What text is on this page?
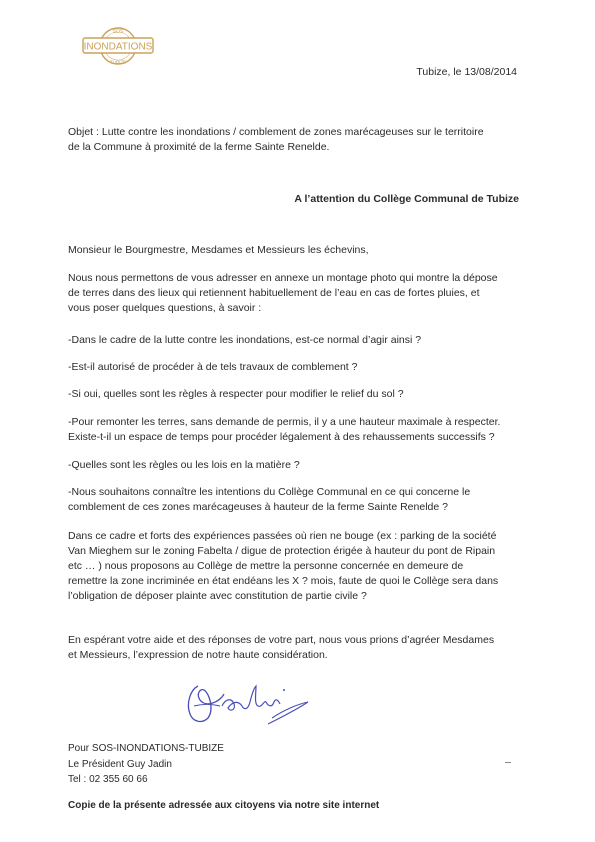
SOS
INONDATIONS
TUBIZE
Tubize, le 13/08/2014

Objet : Lutte contre les inondations / comblement de zones marécageuses sur le territoire

de la Commune à proximité de la ferme Sainte Renelde.

A l’attention du Collège Communal de Tubize
Monsieur le Bourgmestre, Mesdames et Messieurs les échevins,

Nous nous permettons de vous adresser en annexe un montage photo qui montre la dépose

de terres dans des lieux qui retiennent habituellement de l’eau en cas de fortes pluies, et

vous poser quelques questions, à savoir :

-Dans le cadre de la lutte contre les inondations, est-ce normal d’agir ainsi ?

-Est-il autorisé de procéder à de tels travaux de comblement ?

-Si oui, quelles sont les règles à respecter pour modifier le relief du sol ?

-Pour remonter les terres, sans demande de permis, il y a une hauteur maximale à respecter.

Existe-t-il un espace de temps pour procéder légalement à des rehaussements successifs ?

-Quelles sont les règles ou les lois en la matière ?

-Nous souhaitons connaître les intentions du Collège Communal en ce qui concerne le

comblement de ces zones marécageuses à hauteur de la ferme Sainte Renelde ?

Dans ce cadre et forts des expériences passées où rien ne bouge (ex : parking de la société

Van Mieghem sur le zoning Fabelta / digue de protection érigée à hauteur du pont de Ripain

etc … ) nous proposons au Collège de mettre la personne concernée en demeure de

remettre la zone incriminée en état endéans les X ? mois, faute de quoi le Collège sera dans

l’obligation de déposer plainte avec constitution de partie civile ?

En espérant votre aide et des réponses de votre part, nous vous prions d’agréer Mesdames

et Messieurs, l’expression de notre haute considération.

Pour SOS-INONDATIONS-TUBIZE
Le Président Guy Jadin
Tel : 02 355 60 66
Copie de la présente adressée aux citoyens via notre site internet
